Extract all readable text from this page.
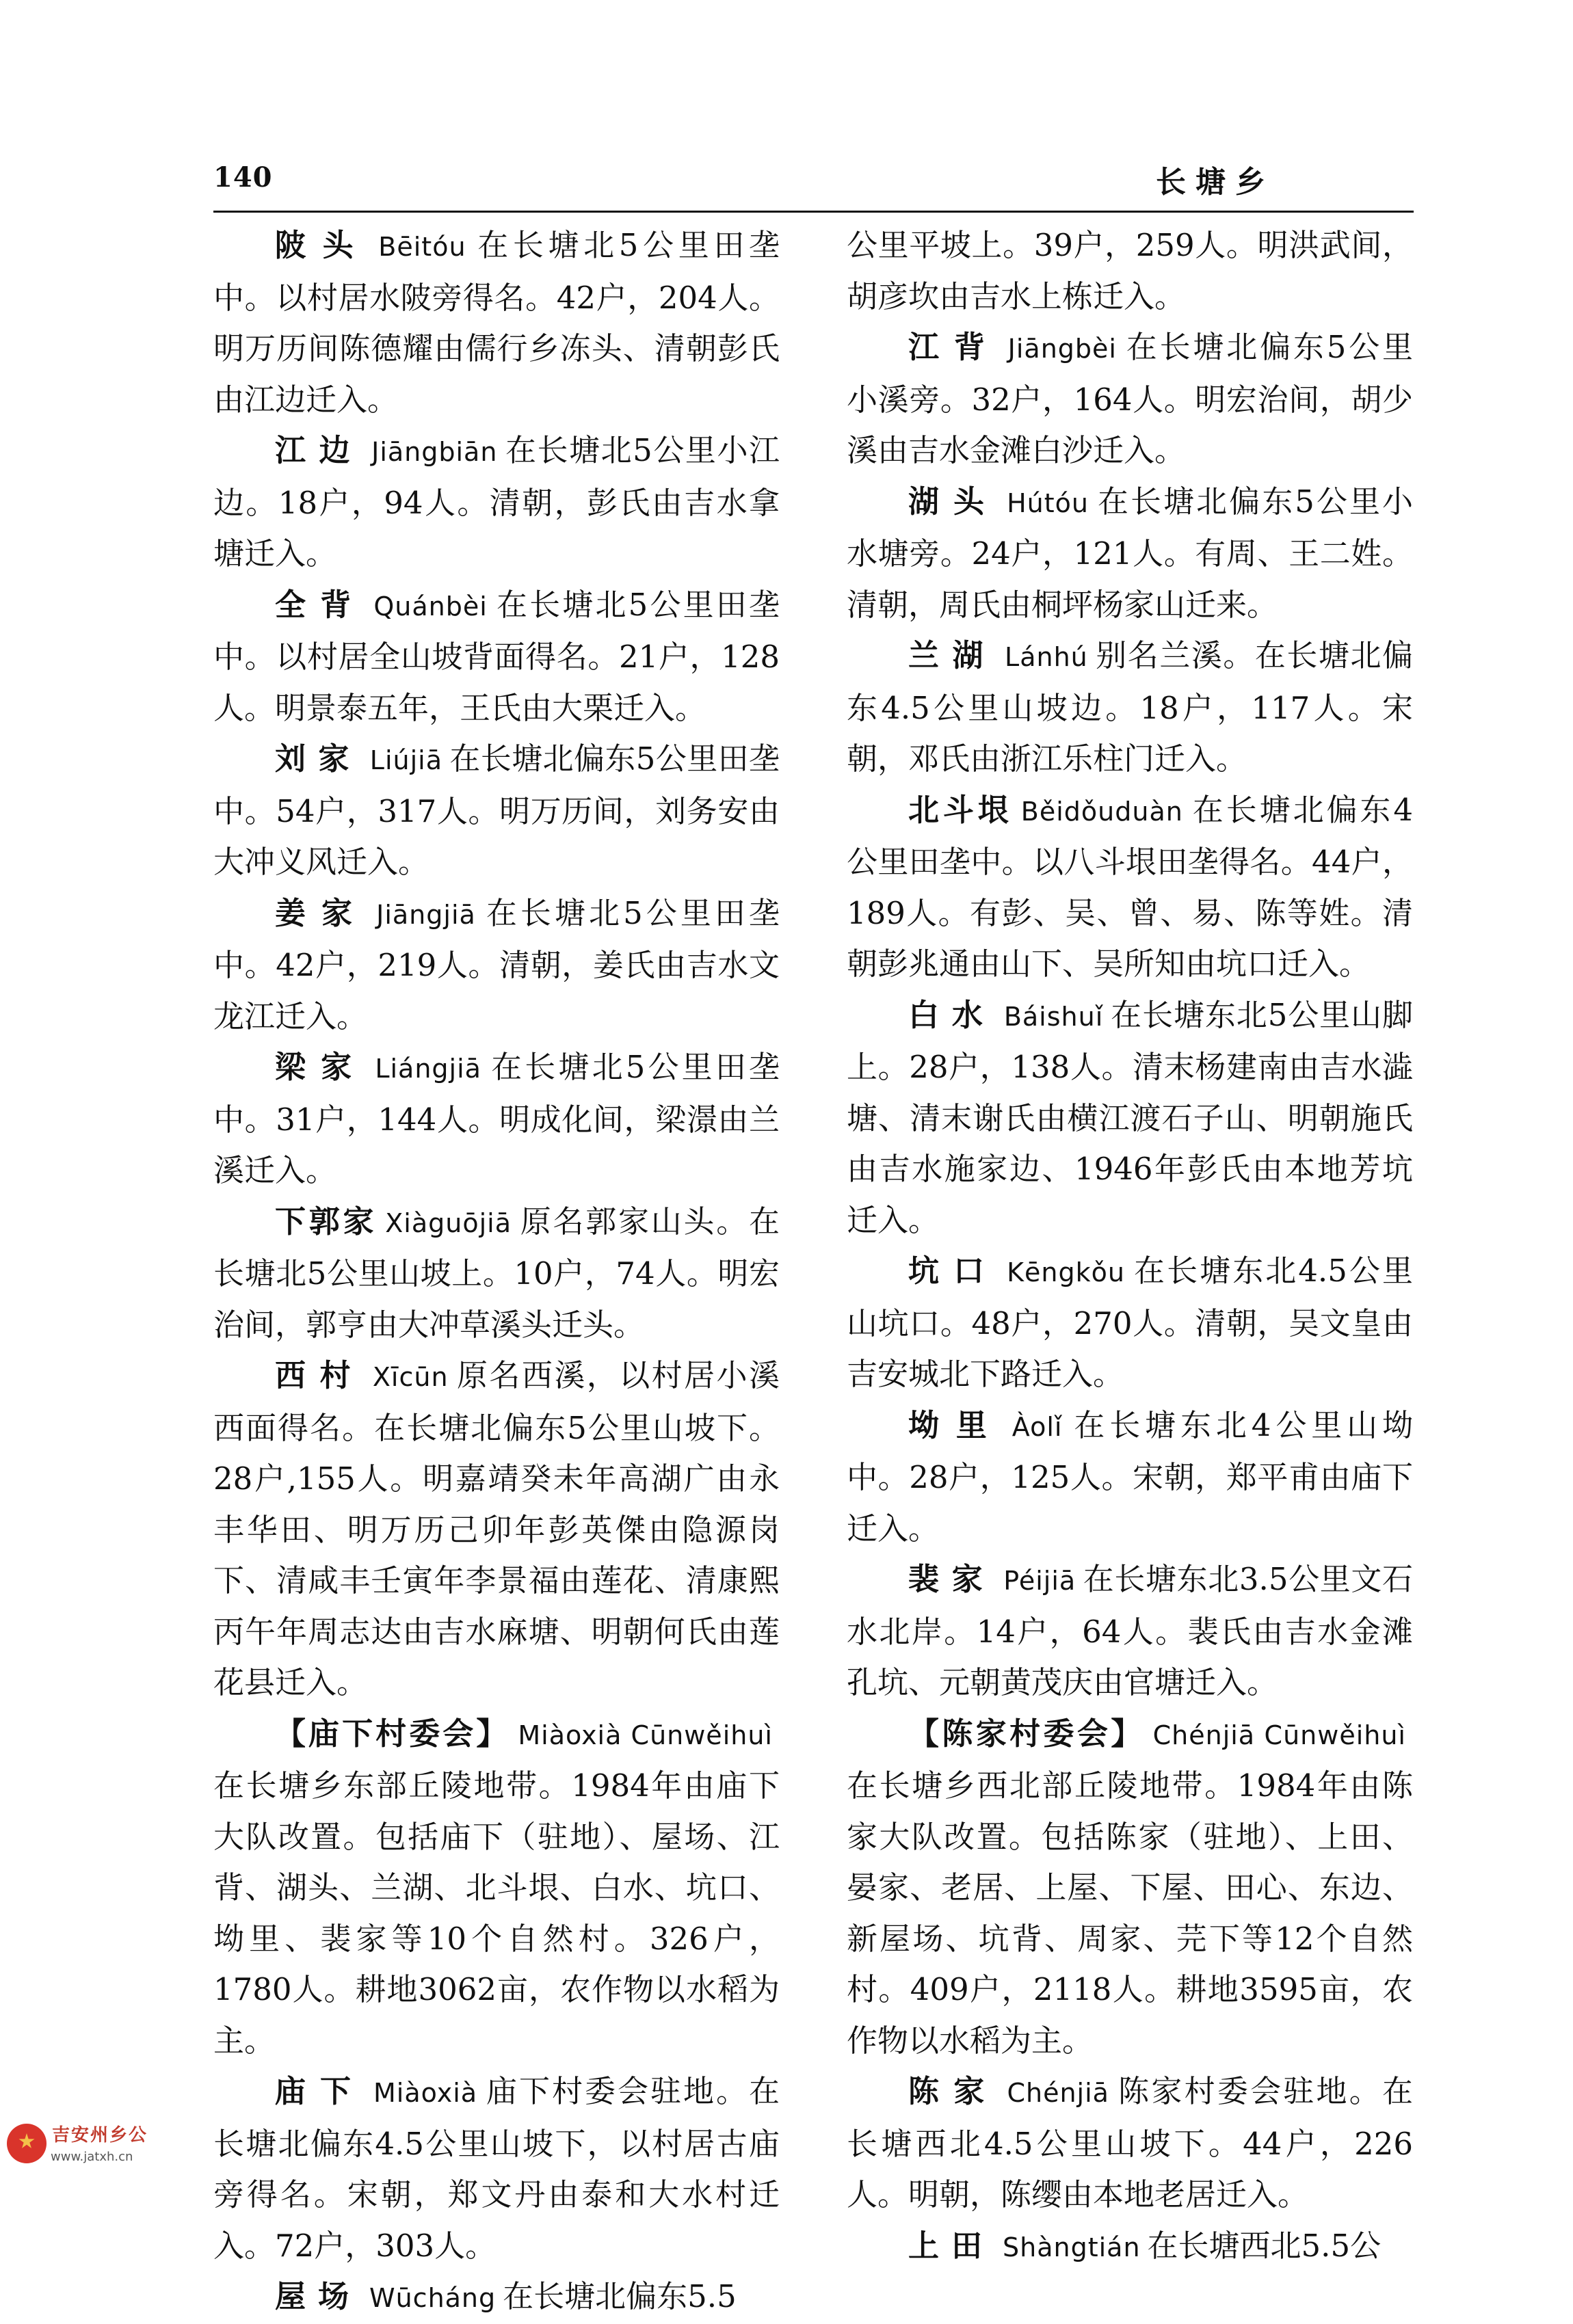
140	长塘乡

陂头 Bēitóu 在长塘北5公里田垄中。以村居水陂旁得名。42户，204人。明万历间陈德耀由儒行乡冻头、清朝彭氏由江边迁入。

江边 Jiāngbiān 在长塘北5公里小江边。18户，94人。清朝，彭氏由吉水拿塘迁入。

全背 Quánbèi 在长塘北5公里田垄中。以村居全山坡背面得名。21户，128人。明景泰五年，王氏由大栗迁入。

刘家 Liújiā 在长塘北偏东5公里田垄中。54户，317人。明万历间，刘务安由大冲义风迁入。

姜家 Jiāngjiā 在长塘北5公里田垄中。42户，219人。清朝，姜氏由吉水文龙江迁入。

梁家 Liángjiā 在长塘北5公里田垄中。31户，144人。明成化间，梁澋由兰溪迁入。

下郭家 Xiàguōjiā 原名郭家山头。在长塘北5公里山坡上。10户，74人。明宏治间，郭亨由大冲草溪头迁头。

西村 Xīcūn 原名西溪，以村居小溪西面得名。在长塘北偏东5公里山坡下。28户,155人。明嘉靖癸未年高湖广由永丰华田、明万历己卯年彭英傑由隐源岗下、清咸丰壬寅年李景福由莲花、清康熙丙午年周志达由吉水麻塘、明朝何氏由莲花县迁入。

【庙下村委会】 Miàoxià Cūnwěihuì在长塘乡东部丘陵地带。1984年由庙下大队改置。包括庙下（驻地）、屋场、江背、湖头、兰湖、北斗垠、白水、坑口、坳里、裴家等10个自然村。326户，1780人。耕地3062亩，农作物以水稻为主。

庙下 Miàoxià 庙下村委会驻地。在长塘北偏东4.5公里山坡下，以村居古庙旁得名。宋朝，郑文丹由泰和大水村迁入。72户，303人。

屋场 Wūcháng 在长塘北偏东5.5

公里平坡上。39户，259人。明洪武间，胡彦坎由吉水上栋迁入。

江背 Jiāngbèi 在长塘北偏东5公里小溪旁。32户，164人。明宏治间，胡少溪由吉水金滩白沙迁入。

湖头 Hútóu 在长塘北偏东5公里小水塘旁。24户，121人。有周、王二姓。清朝，周氏由桐坪杨家山迁来。

兰湖 Lánhú 别名兰溪。在长塘北偏东4.5公里山坡边。18户，117人。宋朝，邓氏由浙江乐柱门迁入。

北斗垠 Běidǒuduàn 在长塘北偏东4公里田垄中。以八斗垠田垄得名。44户，189人。有彭、吴、曾、易、陈等姓。清朝彭兆通由山下、吴所知由坑口迁入。

白水 Báishuǐ 在长塘东北5公里山脚上。28户，138人。清末杨建南由吉水澁塘、清末谢氏由横江渡石子山、明朝施氏由吉水施家边、1946年彭氏由本地芳坑迁入。

坑口 Kēngkǒu 在长塘东北4.5公里山坑口。48户，270人。清朝，吴文皇由吉安城北下路迁入。

坳里 Àolǐ 在长塘东北4公里山坳中。28户，125人。宋朝，郑平甫由庙下迁入。

裴家 Péijiā 在长塘东北3.5公里文石水北岸。14户，64人。裴氏由吉水金滩孔坑、元朝黄茂庆由官塘迁入。

【陈家村委会】 Chénjiā Cūnwěihuì在长塘乡西北部丘陵地带。1984年由陈家大队改置。包括陈家（驻地）、上田、晏家、老居、上屋、下屋、田心、东边、新屋场、坑背、周家、芫下等12个自然村。409户，2118人。耕地3595亩，农作物以水稻为主。

陈家 Chénjiā 陈家村委会驻地。在长塘西北4.5公里山坡下。44户，226人。明朝，陈缨由本地老居迁入。

上田 Shàngtián 在长塘西北5.5公

吉安州乡公
www.jatxh.cn
